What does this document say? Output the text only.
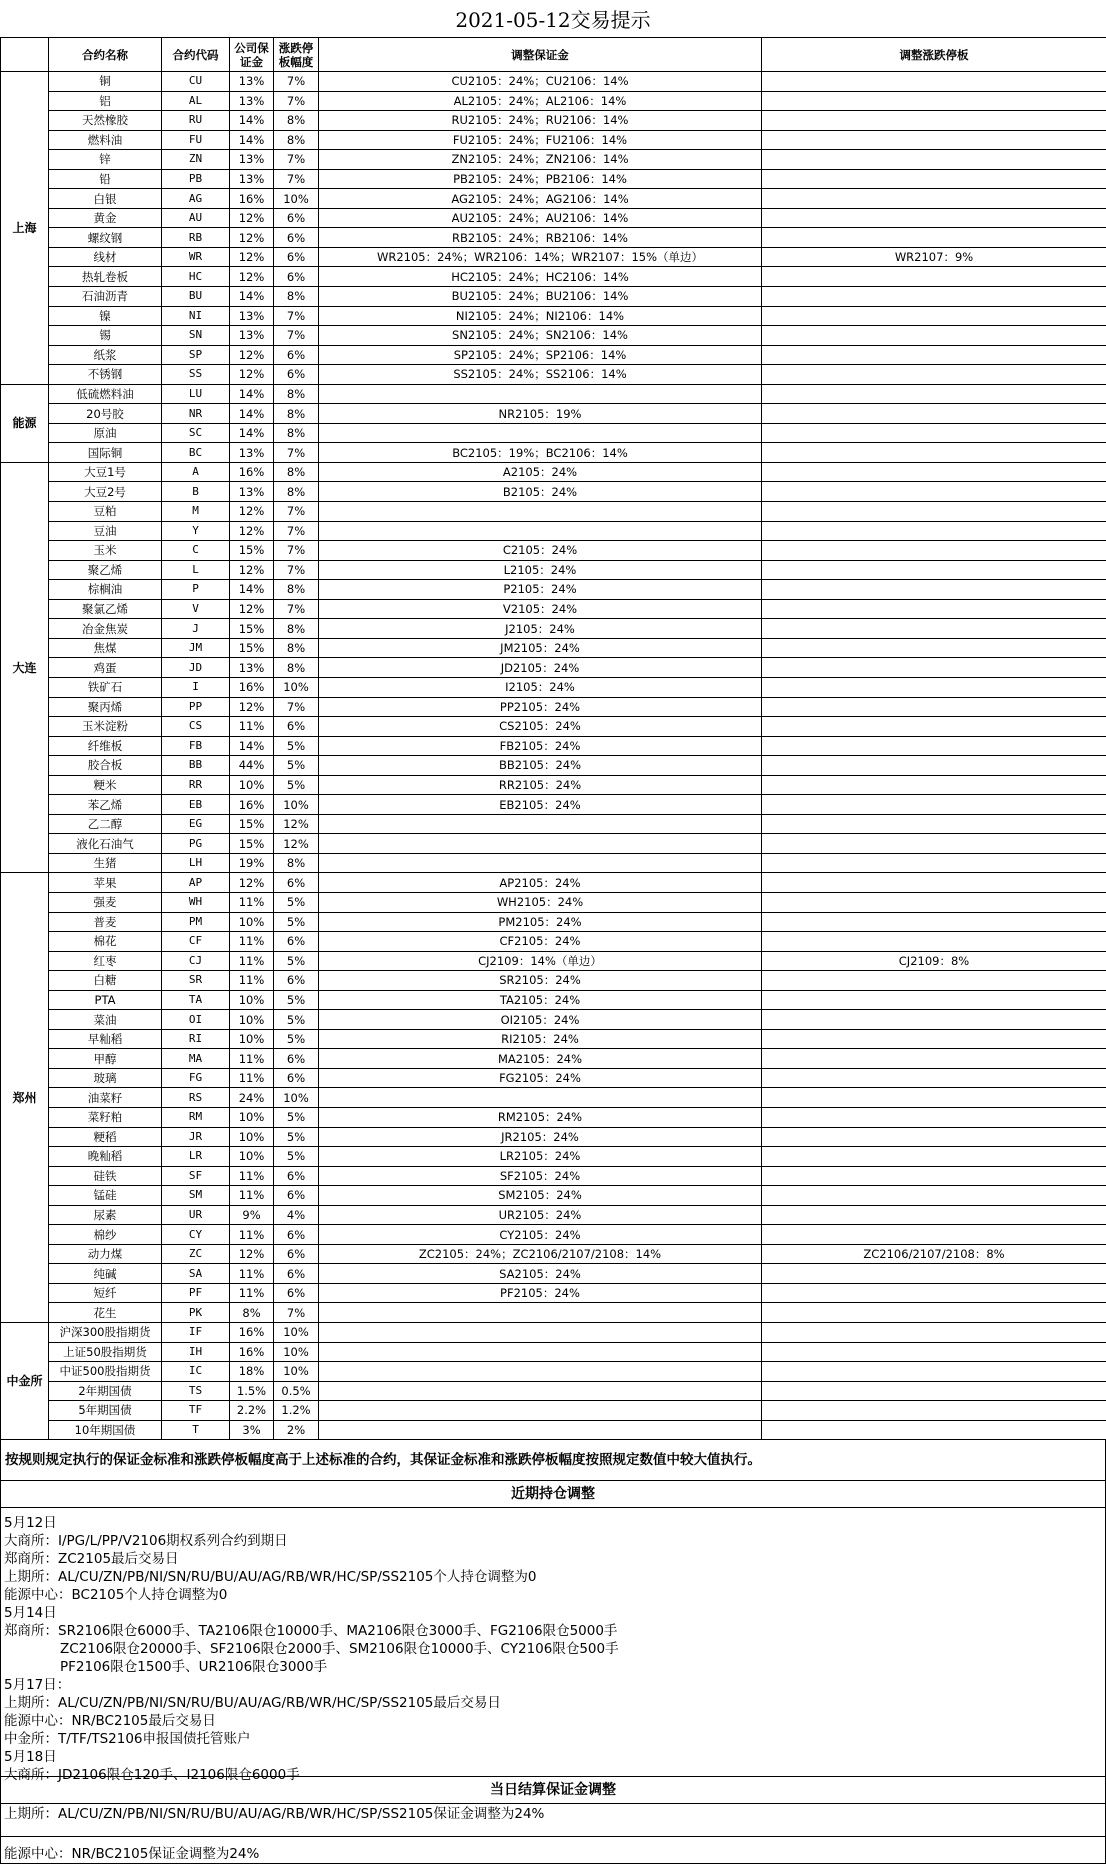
2021-05-12交易提示
	合约名称	合约代码	公司保证金	涨跌停板幅度	调整保证金	调整涨跌停板
上海	铜	CU	13%	7%	CU2105：24%；CU2106：14%	
	铝	AL	13%	7%	AL2105：24%；AL2106：14%	
	天然橡胶	RU	14%	8%	RU2105：24%；RU2106：14%	
	燃料油	FU	14%	8%	FU2105：24%；FU2106：14%	
	锌	ZN	13%	7%	ZN2105：24%；ZN2106：14%	
	铅	PB	13%	7%	PB2105：24%；PB2106：14%	
	白银	AG	16%	10%	AG2105：24%；AG2106：14%	
	黄金	AU	12%	6%	AU2105：24%；AU2106：14%	
	螺纹钢	RB	12%	6%	RB2105：24%；RB2106：14%	
	线材	WR	12%	6%	WR2105：24%；WR2106：14%；WR2107：15%（单边）	WR2107：9%
	热轧卷板	HC	12%	6%	HC2105：24%；HC2106：14%	
	石油沥青	BU	14%	8%	BU2105：24%；BU2106：14%	
	镍	NI	13%	7%	NI2105：24%；NI2106：14%	
	锡	SN	13%	7%	SN2105：24%；SN2106：14%	
	纸浆	SP	12%	6%	SP2105：24%；SP2106：14%	
	不锈钢	SS	12%	6%	SS2105：24%；SS2106：14%	
能源	低硫燃料油	LU	14%	8%		
	20号胶	NR	14%	8%	NR2105：19%	
	原油	SC	14%	8%		
	国际铜	BC	13%	7%	BC2105：19%；BC2106：14%	
大连	大豆1号	A	16%	8%	A2105：24%	
	大豆2号	B	13%	8%	B2105：24%	
	豆粕	M	12%	7%		
	豆油	Y	12%	7%		
	玉米	C	15%	7%	C2105：24%	
	聚乙烯	L	12%	7%	L2105：24%	
	棕榈油	P	14%	8%	P2105：24%	
	聚氯乙烯	V	12%	7%	V2105：24%	
	冶金焦炭	J	15%	8%	J2105：24%	
	焦煤	JM	15%	8%	JM2105：24%	
	鸡蛋	JD	13%	8%	JD2105：24%	
	铁矿石	I	16%	10%	I2105：24%	
	聚丙烯	PP	12%	7%	PP2105：24%	
	玉米淀粉	CS	11%	6%	CS2105：24%	
	纤维板	FB	14%	5%	FB2105：24%	
	胶合板	BB	44%	5%	BB2105：24%	
	粳米	RR	10%	5%	RR2105：24%	
	苯乙烯	EB	16%	10%	EB2105：24%	
	乙二醇	EG	15%	12%		
	液化石油气	PG	15%	12%		
	生猪	LH	19%	8%		
郑州	苹果	AP	12%	6%	AP2105：24%	
	强麦	WH	11%	5%	WH2105：24%	
	普麦	PM	10%	5%	PM2105：24%	
	棉花	CF	11%	6%	CF2105：24%	
	红枣	CJ	11%	5%	CJ2109：14%（单边）	CJ2109：8%
	白糖	SR	11%	6%	SR2105：24%	
	PTA	TA	10%	5%	TA2105：24%	
	菜油	OI	10%	5%	OI2105：24%	
	早籼稻	RI	10%	5%	RI2105：24%	
	甲醇	MA	11%	6%	MA2105：24%	
	玻璃	FG	11%	6%	FG2105：24%	
	油菜籽	RS	24%	10%		
	菜籽粕	RM	10%	5%	RM2105：24%	
	粳稻	JR	10%	5%	JR2105：24%	
	晚籼稻	LR	10%	5%	LR2105：24%	
	硅铁	SF	11%	6%	SF2105：24%	
	锰硅	SM	11%	6%	SM2105：24%	
	尿素	UR	9%	4%	UR2105：24%	
	棉纱	CY	11%	6%	CY2105：24%	
	动力煤	ZC	12%	6%	ZC2105：24%；ZC2106/2107/2108：14%	ZC2106/2107/2108：8%
	纯碱	SA	11%	6%	SA2105：24%	
	短纤	PF	11%	6%	PF2105：24%	
	花生	PK	8%	7%		
中金所	沪深300股指期货	IF	16%	10%		
	上证50股指期货	IH	16%	10%		
	中证500股指期货	IC	18%	10%		
	2年期国债	TS	1.5%	0.5%		
	5年期国债	TF	2.2%	1.2%		
	10年期国债	T	3%	2%		
按规则规定执行的保证金标准和涨跌停板幅度高于上述标准的合约，其保证金标准和涨跌停板幅度按照规定数值中较大值执行。
近期持仓调整
5月12日
大商所：I/PG/L/PP/V2106期权系列合约到期日
郑商所：ZC2105最后交易日
上期所：AL/CU/ZN/PB/NI/SN/RU/BU/AU/AG/RB/WR/HC/SP/SS2105个人持仓调整为0
能源中心：BC2105个人持仓调整为0
5月14日
郑商所：SR2106限仓6000手、TA2106限仓10000手、MA2106限仓3000手、FG2106限仓5000手
ZC2106限仓20000手、SF2106限仓2000手、SM2106限仓10000手、CY2106限仓500手
PF2106限仓1500手、UR2106限仓3000手
5月17日：
上期所：AL/CU/ZN/PB/NI/SN/RU/BU/AU/AG/RB/WR/HC/SP/SS2105最后交易日
能源中心：NR/BC2105最后交易日
中金所：T/TF/TS2106申报国债托管账户
5月18日
大商所：JD2106限仓120手、I2106限仓6000手
当日结算保证金调整
上期所：AL/CU/ZN/PB/NI/SN/RU/BU/AU/AG/RB/WR/HC/SP/SS2105保证金调整为24%
能源中心：NR/BC2105保证金调整为24%
